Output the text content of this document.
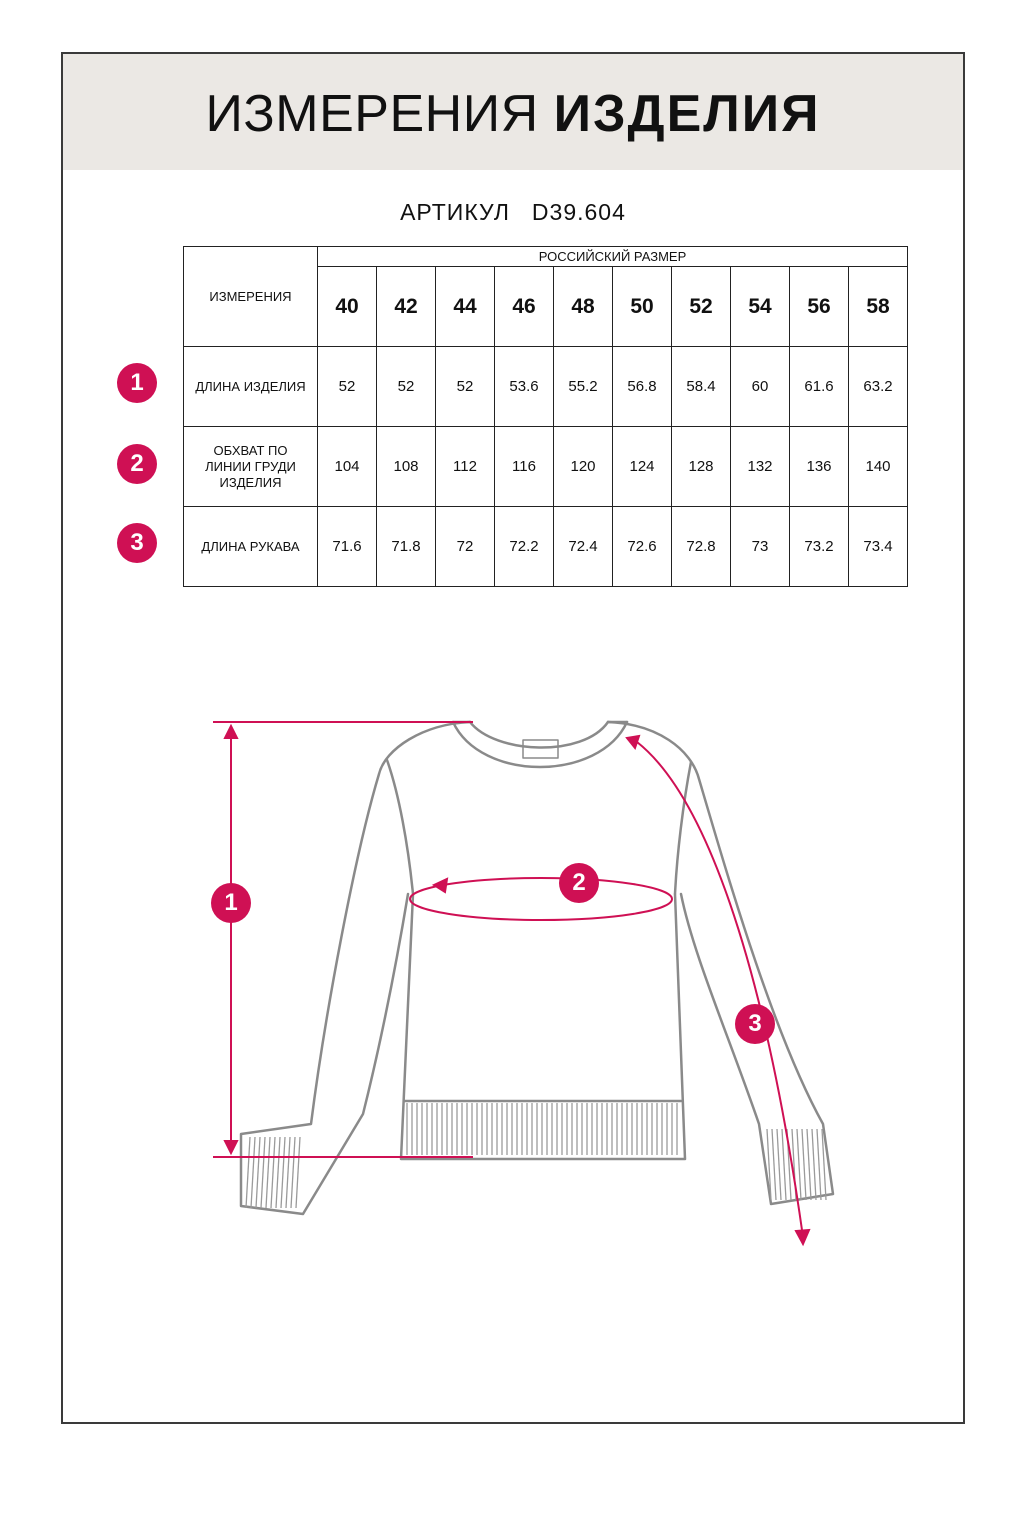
ИЗМЕРЕНИЯ ИЗДЕЛИЯ
АРТИКУЛ D39.604
ИЗМЕРЕНИЯ	РОССИЙСКИЙ РАЗМЕР									
	40	42	44	46	48	50	52	54	56	58
ДЛИНА ИЗДЕЛИЯ	52	52	52	53.6	55.2	56.8	58.4	60	61.6	63.2
ОБХВАТ ПО ЛИНИИ ГРУДИ ИЗДЕЛИЯ	104	108	112	116	120	124	128	132	136	140
ДЛИНА РУКАВА	71.6	71.8	72	72.2	72.4	72.6	72.8	73	73.2	73.4
1
2
3
1
2
3
